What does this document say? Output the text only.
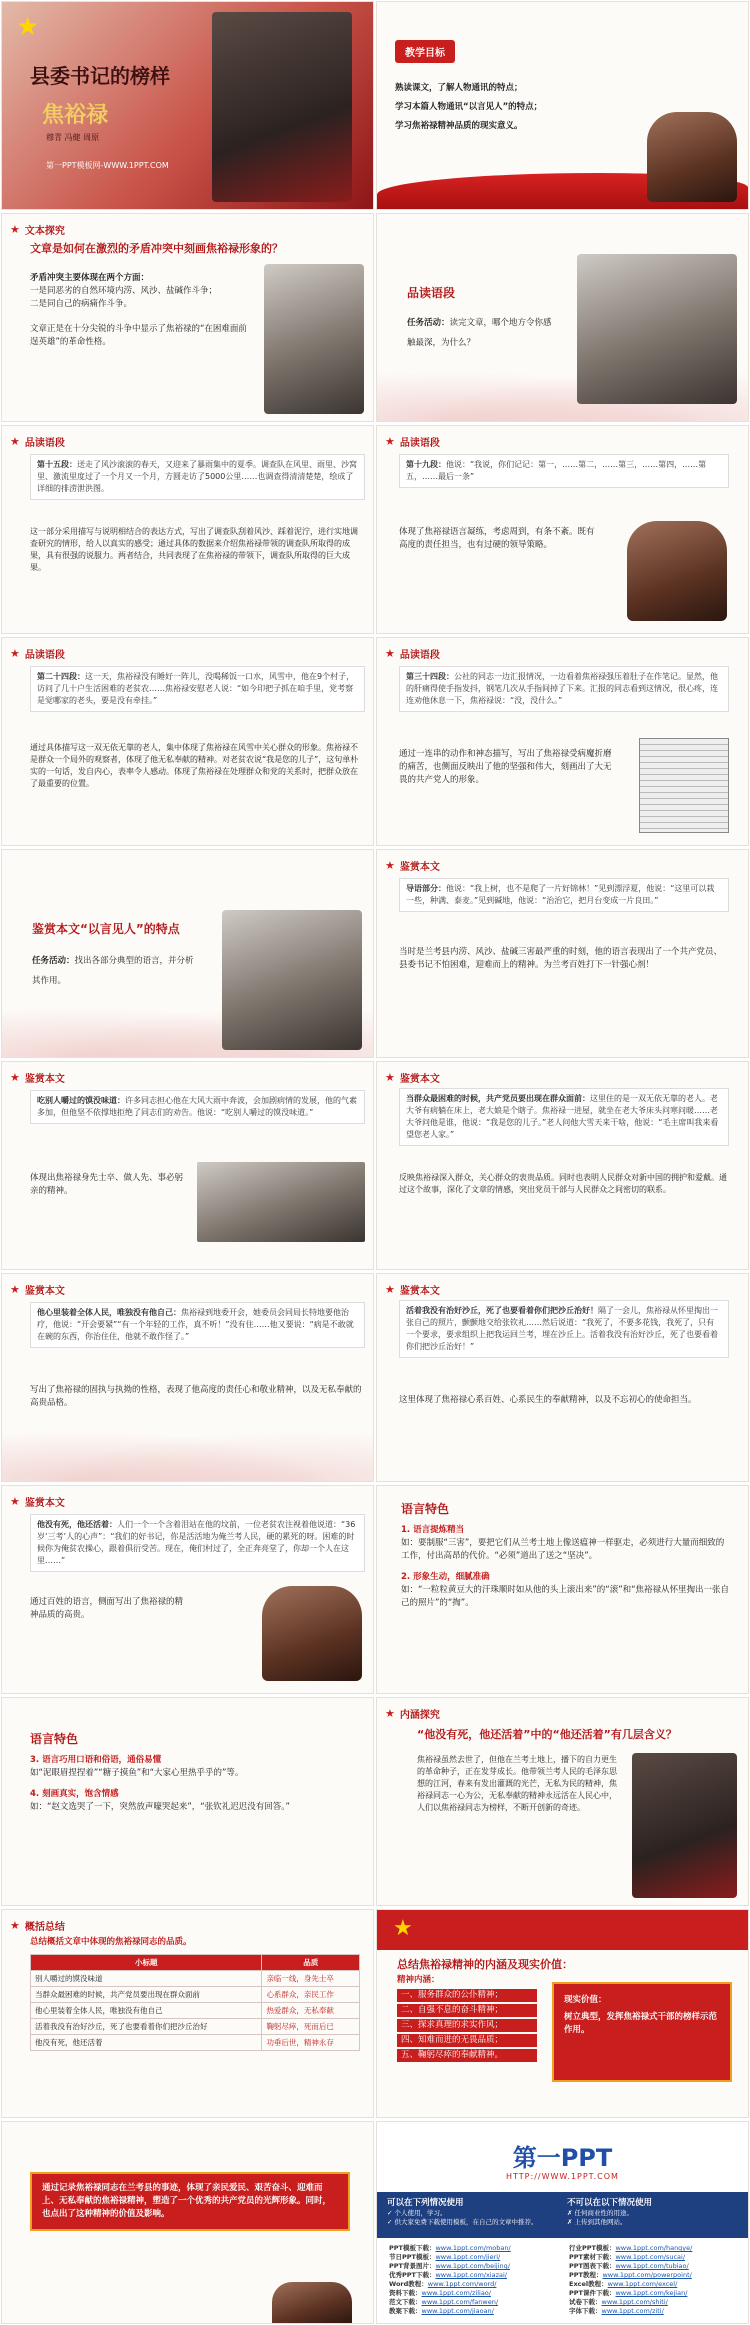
★
县委书记的榜样
焦裕禄
穆青 冯健 周原
第一PPT模板网-WWW.1PPT.COM
教学目标
熟读课文，了解人物通讯的特点；
学习本篇人物通讯“以言见人”的特点；
学习焦裕禄精神品质的现实意义。
★ 文本探究
文章是如何在激烈的矛盾冲突中刻画焦裕禄形象的？
矛盾冲突主要体现在两个方面：
一是同恶劣的自然环境内涝、风沙、盐碱作斗争；
二是同自己的病痛作斗争。
文章正是在十分尖锐的斗争中显示了焦裕禄的“在困难面前逞英雄”的革命性格。
品读语段
任务活动：读完文章，哪个地方令你感触最深，为什么？
★ 品读语段
第十五段：送走了风沙滚滚的春天，又迎来了暴雨集中的夏季。调查队在风里、雨里、沙窝里、激流里度过了一个月又一个月，方圆走访了5000公里……也调查得清清楚楚，绘成了详细的排涝泄洪图。
这一部分采用描写与说明相结合的表达方式，写出了调查队刮着风沙、踩着泥泞，进行实地调查研究的情形，给人以真实的感受；通过具体的数据来介绍焦裕禄带领的调查队所取得的成果，具有很强的说服力。两者结合，共同表现了在焦裕禄的带领下，调查队所取得的巨大成果。
★ 品读语段
第十九段：他说：“我说，你们记记：第一，……第二，……第三，……第四，……第五，……最后一条”
体现了焦裕禄语言凝练，考虑周到，有条不紊。既有高度的责任担当，也有过硬的领导策略。
★ 品读语段
第二十四段：这一天，焦裕禄没有睡好一阵儿，没喝稀饭一口水，风雪中，他在9个村子，访问了几十户生活困难的老贫农……焦裕禄安慰老人说：“如今印把子抓在咱手里，党考察是觉哪家的老头，要是没有牵挂。”
通过具体描写这一双无依无靠的老人，集中体现了焦裕禄在风雪中关心群众的形象。焦裕禄不是群众一个局外的观察者，体现了他无私奉献的精神。对老贫农说“我是您的儿子”，这句单朴实的一句话，发自内心，表率令人感动。体现了焦裕禄在处理群众和党的关系时，把群众放在了最重要的位置。
★ 品读语段
第三十四段：公社的同志一边汇报情况，一边看着焦裕禄强压着肚子在作笔记。显然，他的肝痛得使手指发抖，钢笔几次从手指间掉了下来。汇报的同志看到这情况，很心疼，连连劝他休息一下，焦裕禄说：“没，没什么。”
通过一连串的动作和神态描写，写出了焦裕禄受病魔折磨的痛苦，也侧面反映出了他的坚强和伟大，刻画出了大无畏的共产党人的形象。
鉴赏本文“以言见人”的特点
任务活动：找出各部分典型的语言，并分析其作用。
★ 鉴赏本文
导语部分：他说：“我上树，也不是爬了一片好锦林！”见到漂浮夏，他说：“这里可以栽一些，种满、泰麦。”见到碱地，他说：“治治它，把月台变成一片良田。”
当时是兰考县内涝、风沙、盐碱三害最严重的时刻，他的语言表现出了一个共产党员、县委书记不怕困难，迎难而上的精神。为兰考百姓打下一针强心剂！
★ 鉴赏本文
吃别人嚼过的馍没味道：许多同志担心他在大风大雨中奔波，会加剧病情的发展，他的气素多加，但他坚不依撑地拒绝了同志们的劝告。他说：“吃别人嚼过的馍没味道。”
体现出焦裕禄身先士卒、做人先、事必躬亲的精神。
★ 鉴赏本文
当群众最困难的时候，共产党员要出现在群众面前：这里住的是一双无依无靠的老人。老大爷有病躺在床上，老大娘是个瞎子。焦裕禄一进屋，就坐在老大爷床头问寒问暖……老大爷问他是谁，他说：“我是您的儿子。”老人问他大雪天来干啥，他说：“毛主席叫我来看望您老人家。”
反映焦裕禄深入群众，关心群众的衷贵品质。同时也表明人民群众对新中国的拥护和爱戴。通过这个故事，深化了文章的情感，突出党员干部与人民群众之间密切的联系。
★ 鉴赏本文
他心里装着全体人民，唯独没有他自己：焦裕禄到地委开会，她委员会同局长特地要他治疗，他说：“开会要紧”“有一个年轻的工作，真不听！”没有住……他又要说：“病是不敢就在碗的东西，你治住住，他就不敢作怪了。”
写出了焦裕禄的固执与执拗的性格，表现了他高度的责任心和敬业精神，以及无私奉献的高贵品格。
★ 鉴赏本文
活着我没有治好沙丘，死了也要看着你们把沙丘治好！隔了一会儿，焦裕禄从怀里掏出一张自己的照片，颤颤地交给张钦礼……然后说道：“我死了，不要多花钱，我死了，只有一个要求，要求组织上把我运回兰考，埋在沙丘上。活着我没有治好沙丘，死了也要看着你们把沙丘治好！”
这里体现了焦裕禄心系百姓、心系民生的奉献精神，以及不忘初心的使命担当。
★ 鉴赏本文
他没有死，他还活着：人们一个一个含着泪站在他的坟前，一位老贫农注视着他说道：“36岁‘三考’人的心声”：“我们的好书记，你是活活地为俺兰考人民，硬的累死的呀。困难的时候你为俺贫农操心，跟着俱衍受苦。现在，俺们村过了，全正奔亮堂了，你却一个人在这里……”
通过百姓的语言，侧面写出了焦裕禄的精神品质的高贵。
语言特色
1. 语言提炼精当
如：要制服“三害”，要把它们从兰考土地上像送瘟神一样驱走，必须进行大量而细致的工作，付出高昂的代价。“必须”道出了送之“坚决”。
2. 形象生动，细腻准确
如：“一粒粒黄豆大的汗珠顺时如从他的头上滚出来”的“滚”和“焦裕禄从怀里掏出一张自己的照片”的“掏”。
语言特色
3. 语言巧用口语和俗语，通俗易懂
如“泥眼眉捏捏着”“糖子摸鱼”和“大家心里热乎乎的”等。
4. 刻画真实，饱含情感
如：“赵文选哭了一下，突然放声嚎哭起来”，“张钦礼迟迟没有回答。”
★ 内涵探究
“他没有死，他还活着”中的“他还活着”有几层含义？
焦裕禄虽然去世了，但他在兰考土地上，播下的自力更生的革命种子，正在发芽成长。他带领兰考人民的毛泽东思想的江河，春来有发出灌溉的光芒，无私为民的精神，焦裕禄同志一心为公，无私奉献的精神永远活在人民心中，人们以焦裕禄同志为榜样，不断开创新的奇迹。
★ 概括总结
总结概括文章中体现的焦裕禄同志的品质。
小标题	品质
别人嚼过的馍没味道	亲临一线，身先士卒
当群众最困难的时候，共产党员要出现在群众面前	心系群众，亲民工作
他心里装着全体人民，唯独没有他自己	热爱群众，无私奉献
活着我没有治好沙丘，死了也要看着你们把沙丘治好	鞠躬尽瘁，死而后已
他没有死，他还活着	功垂后世，精神永存
★
总结焦裕禄精神的内涵及现实价值：
精神内涵：
一、服务群众的公仆精神；
二、自强不息的奋斗精神；
三、探求真理的求实作风；
四、知难而进的无畏品质；
五、鞠躬尽瘁的奉献精神。
现实价值：
树立典型，发挥焦裕禄式干部的榜样示范作用。
通过记录焦裕禄同志在兰考县的事迹，体现了亲民爱民、艰苦奋斗、迎难而上、无私奉献的焦裕禄精神，塑造了一个优秀的共产党员的光辉形象。同时，也点出了这种精神的价值及影响。
第一PPT
HTTP://WWW.1PPT.COM
可以在下列情况使用
✓ 个人使用，学习。
✓ 供大家免费下载使用模板，在自己的文章中推荐。
不可以在以下情况使用
✗ 任何商业性的用途。
✗ 上传到其他网站。
PPT模板下载：www.1ppt.com/moban/
节日PPT模板：www.1ppt.com/jieri/
PPT背景图片：www.1ppt.com/beijing/
优秀PPT下载：www.1ppt.com/xiazai/
Word教程：www.1ppt.com/word/
资料下载：www.1ppt.com/ziliao/
范文下载：www.1ppt.com/fanwen/
教案下载：www.1ppt.com/jiaoan/
行业PPT模板：www.1ppt.com/hangye/
PPT素材下载：www.1ppt.com/sucai/
PPT图表下载：www.1ppt.com/tubiao/
PPT教程：www.1ppt.com/powerpoint/
Excel教程：www.1ppt.com/excel/
PPT课件下载：www.1ppt.com/kejian/
试卷下载：www.1ppt.com/shiti/
字体下载：www.1ppt.com/ziti/
